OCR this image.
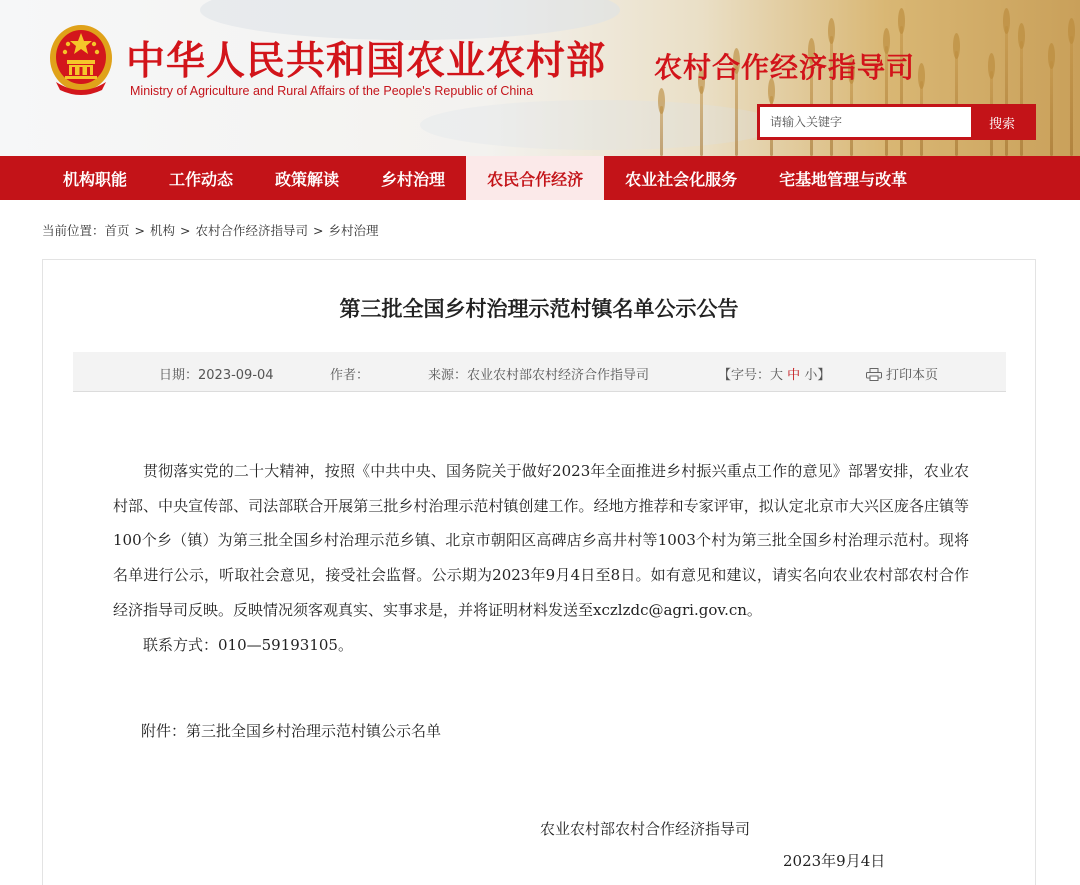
中华人民共和国农业农村部
Ministry of Agriculture and Rural Affairs of the People's Republic of China
农村合作经济指导司
请输入关键字
搜索
机构职能	工作动态	政策解读	乡村治理	农民合作经济	农业社会化服务	宅基地管理与改革
当前位置：首页 > 机构 > 农村合作经济指导司 > 乡村治理
第三批全国乡村治理示范村镇名单公示公告
日期：2023-09-04	作者：	来源：农业农村部农村经济合作指导司	【字号：大 中 小】	打印本页

贯彻落实党的二十大精神，按照《中共中央、国务院关于做好2023年全面推进乡村振兴重点工作的意见》部署安排，农业农村部、中央宣传部、司法部联合开展第三批乡村治理示范村镇创建工作。经地方推荐和专家评审，拟认定北京市大兴区庞各庄镇等100个乡（镇）为第三批全国乡村治理示范乡镇、北京市朝阳区高碑店乡高井村等1003个村为第三批全国乡村治理示范村。现将名单进行公示，听取社会意见，接受社会监督。公示期为2023年9月4日至8日。如有意见和建议，请实名向农业农村部农村合作经济指导司反映。反映情况须客观真实、实事求是，并将证明材料发送至xczlzdc@agri.gov.cn。

联系方式：010—59193105。

附件：第三批全国乡村治理示范村镇公示名单
农业农村部农村合作经济指导司
2023年9月4日
